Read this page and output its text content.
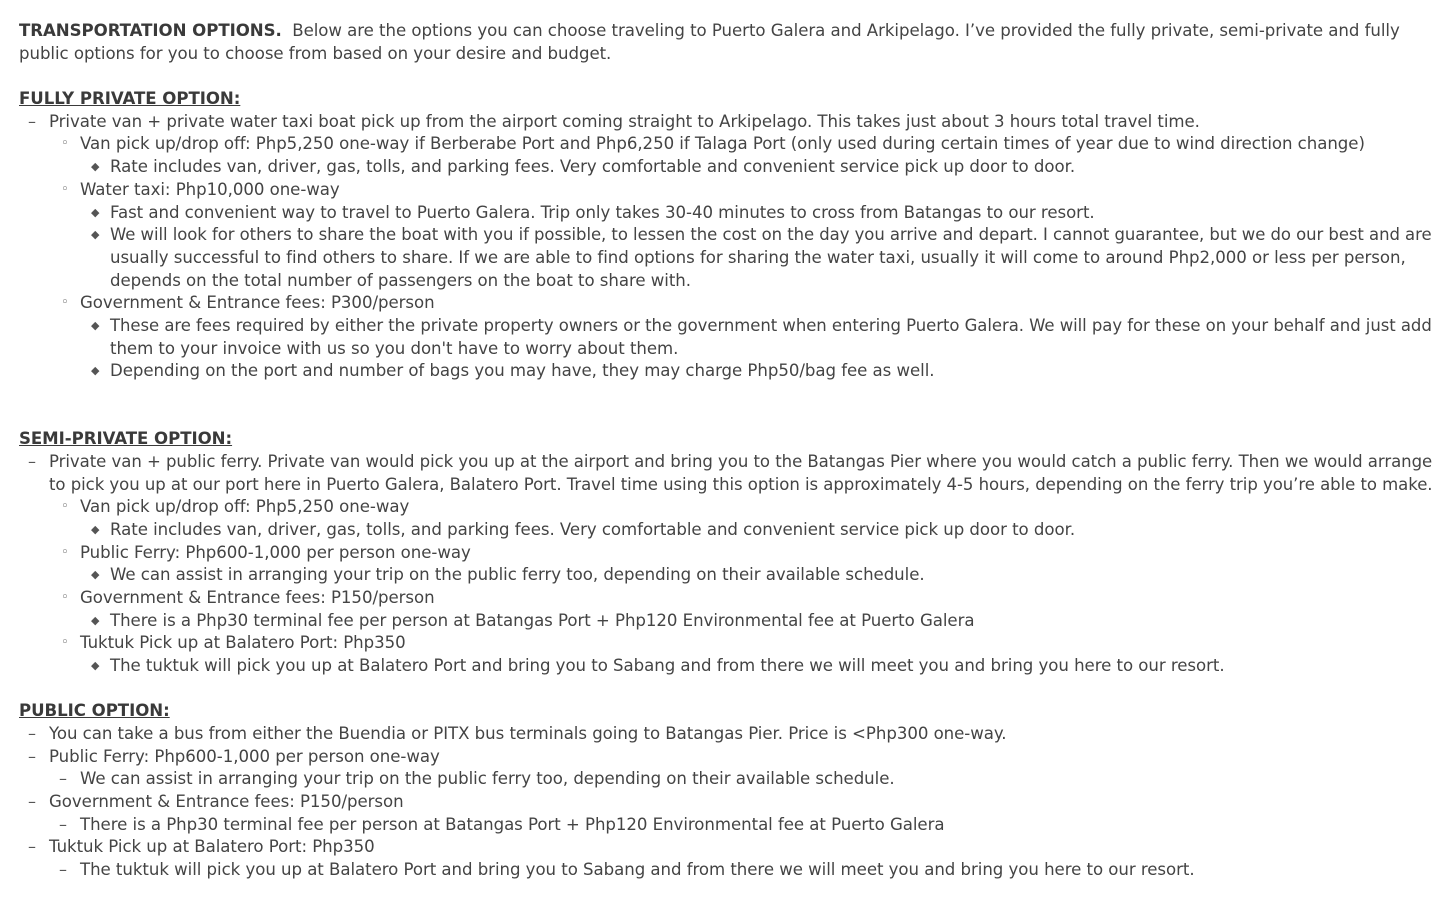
TRANSPORTATION OPTIONS. Below are the options you can choose traveling to Puerto Galera and Arkipelago. I’ve provided the fully private, semi-private and fully
public options for you to choose from based on your desire and budget.
FULLY PRIVATE OPTION:
– Private van + private water taxi boat pick up from the airport coming straight to Arkipelago. This takes just about 3 hours total travel time.
◦ Van pick up/drop off: Php5,250 one-way if Berberabe Port and Php6,250 if Talaga Port (only used during certain times of year due to wind direction change)
◆ Rate includes van, driver, gas, tolls, and parking fees. Very comfortable and convenient service pick up door to door.
◦ Water taxi: Php10,000 one-way
◆ Fast and convenient way to travel to Puerto Galera. Trip only takes 30-40 minutes to cross from Batangas to our resort.
◆ We will look for others to share the boat with you if possible, to lessen the cost on the day you arrive and depart. I cannot guarantee, but we do our best and are
usually successful to find others to share. If we are able to find options for sharing the water taxi, usually it will come to around Php2,000 or less per person,
depends on the total number of passengers on the boat to share with.
◦ Government & Entrance fees: P300/person
◆ These are fees required by either the private property owners or the government when entering Puerto Galera. We will pay for these on your behalf and just add
them to your invoice with us so you don't have to worry about them.
◆ Depending on the port and number of bags you may have, they may charge Php50/bag fee as well.
SEMI-PRIVATE OPTION:
– Private van + public ferry. Private van would pick you up at the airport and bring you to the Batangas Pier where you would catch a public ferry. Then we would arrange
to pick you up at our port here in Puerto Galera, Balatero Port. Travel time using this option is approximately 4-5 hours, depending on the ferry trip you’re able to make.
◦ Van pick up/drop off: Php5,250 one-way
◆ Rate includes van, driver, gas, tolls, and parking fees. Very comfortable and convenient service pick up door to door.
◦ Public Ferry: Php600-1,000 per person one-way
◆ We can assist in arranging your trip on the public ferry too, depending on their available schedule.
◦ Government & Entrance fees: P150/person
◆ There is a Php30 terminal fee per person at Batangas Port + Php120 Environmental fee at Puerto Galera
◦ Tuktuk Pick up at Balatero Port: Php350
◆ The tuktuk will pick you up at Balatero Port and bring you to Sabang and from there we will meet you and bring you here to our resort.
PUBLIC OPTION:
– You can take a bus from either the Buendia or PITX bus terminals going to Batangas Pier. Price is <Php300 one-way.
– Public Ferry: Php600-1,000 per person one-way
– We can assist in arranging your trip on the public ferry too, depending on their available schedule.
– Government & Entrance fees: P150/person
– There is a Php30 terminal fee per person at Batangas Port + Php120 Environmental fee at Puerto Galera
– Tuktuk Pick up at Balatero Port: Php350
– The tuktuk will pick you up at Balatero Port and bring you to Sabang and from there we will meet you and bring you here to our resort.
